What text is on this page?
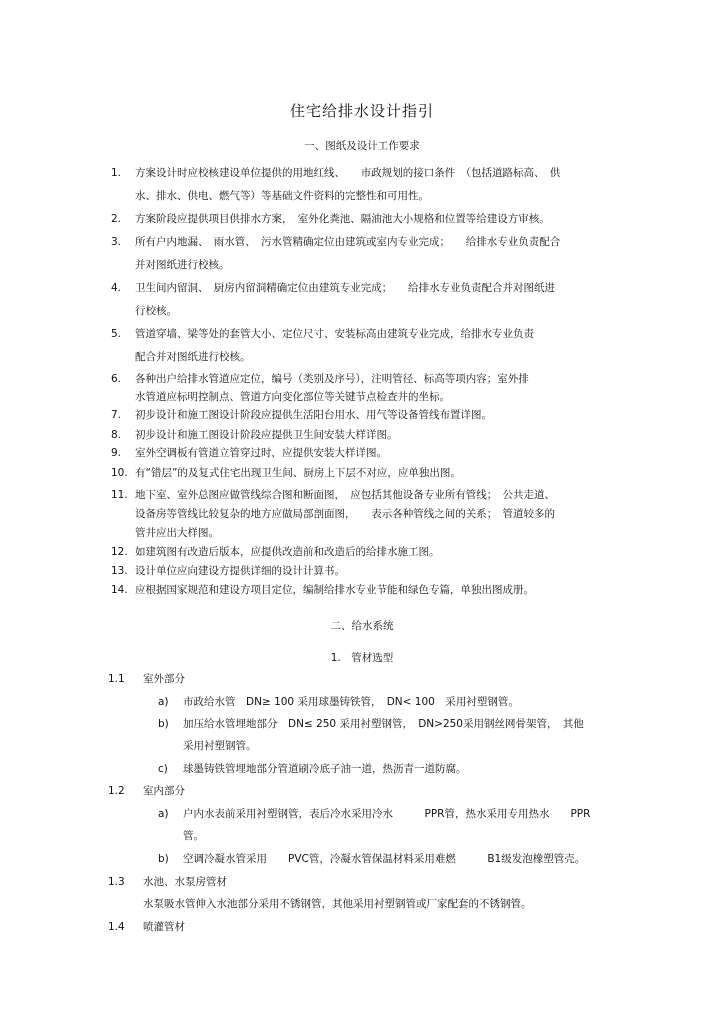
住宅给排水设计指引
一、图纸及设计工作要求
1. 方案设计时应校核建设单位提供的用地红线、　　市政规划的接口条件　（包括道路标高、　供
水、排水、供电、燃气等）等基础文件资料的完整性和可用性。
2. 方案阶段应提供项目供排水方案，　室外化粪池、隔油池大小规格和位置等给建设方审核。
3. 所有户内地漏、　雨水管、　污水管精确定位由建筑或室内专业完成；　　给排水专业负责配合
并对图纸进行校核。
4. 卫生间内留洞、　厨房内留洞精确定位由建筑专业完成；　　给排水专业负责配合并对图纸进
行校核。
5. 管道穿墙、梁等处的套管大小、定位尺寸、安装标高由建筑专业完成，给排水专业负责
配合并对图纸进行校核。
6. 各种出户给排水管道应定位，编号（类别及序号），注明管径、标高等项内容；室外排
水管道应标明控制点、管道方向变化部位等关键节点检查井的坐标。
7. 初步设计和施工图设计阶段应提供生活阳台用水、用气等设备管线布置详图。
8. 初步设计和施工图设计阶段应提供卫生间安装大样详图。
9. 室外空调板有管道立管穿过时，应提供安装大样详图。
10. 有“错层”的及复式住宅出现卫生间、厨房上下层不对应，应单独出图。
11. 地下室、室外总图应做管线综合图和断面图，　应包括其他设备专业所有管线；　公共走道、
设备房等管线比较复杂的地方应做局部剖面图，　　表示各种管线之间的关系；　管道较多的
管井应出大样图。
12. 如建筑图有改造后版本，应提供改造前和改造后的给排水施工图。
13. 设计单位应向建设方提供详细的设计计算书。
14. 应根据国家规范和建设方项目定位，编制给排水专业节能和绿色专篇，单独出图成册。
二、给水系统
1.　管材选型
1.1 室外部分
a) 市政给水管　DN≥ 100 采用球墨铸铁管，　DN< 100　采用衬塑钢管。
b) 加压给水管埋地部分　DN≤ 250 采用衬塑钢管，　DN>250采用钢丝网骨架管，　其他
采用衬塑钢管。
c) 球墨铸铁管埋地部分管道刷冷底子油一道，热沥青一道防腐。
1.2 室内部分
a) 户内水表前采用衬塑钢管，表后冷水采用冷水　　　PPR管，热水采用专用热水　　PPR
管。
b) 空调冷凝水管采用　　PVC管，冷凝水管保温材料采用难燃　　　B1级发泡橡塑管壳。
1.3 水池、水泵房管材
水泵吸水管伸入水池部分采用不锈钢管，其他采用衬塑钢管或厂家配套的不锈钢管。
1.4 喷灌管材
